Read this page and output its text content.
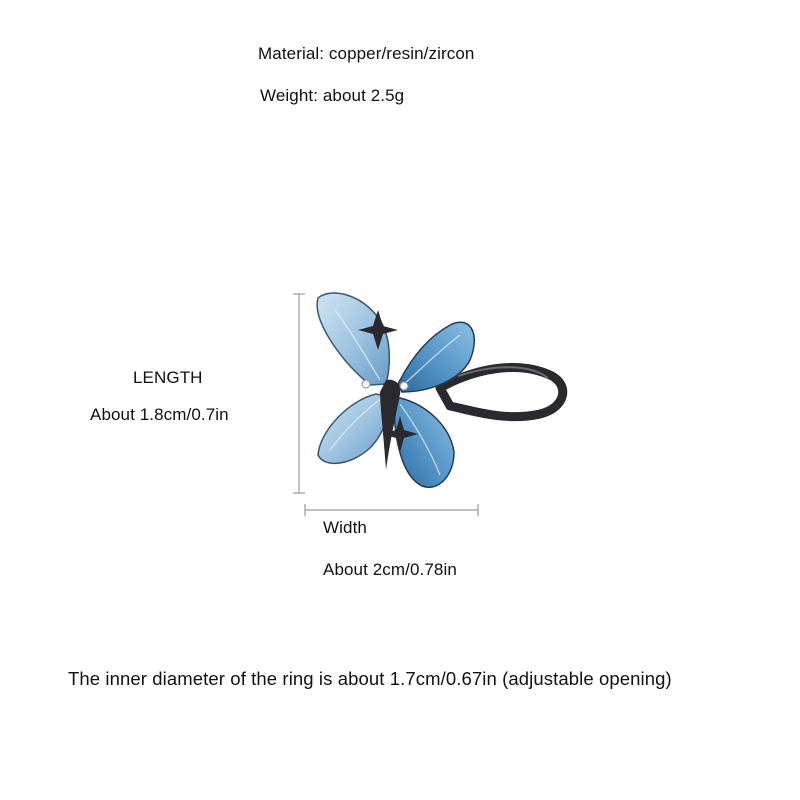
Material: copper/resin/zircon
Weight: about 2.5g
LENGTH
About 1.8cm/0.7in
Width
About 2cm/0.78in
The inner diameter of the ring is about 1.7cm/0.67in (adjustable opening)
